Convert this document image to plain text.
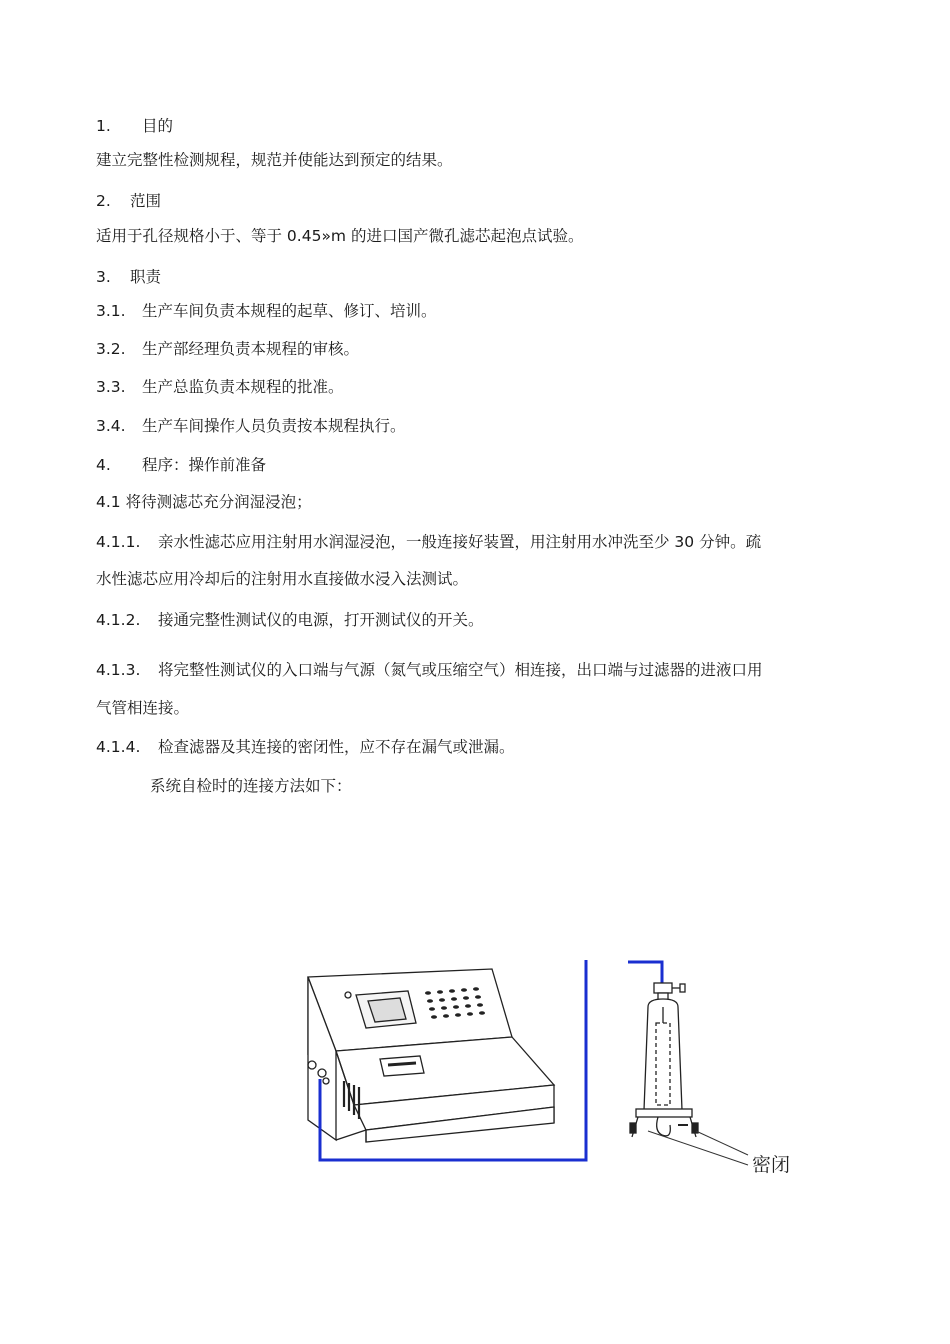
1. 目的
建立完整性检测规程，规范并使能达到预定的结果。
2. 范围
适用于孔径规格小于、等于 0.45»m 的进口国产微孔滤芯起泡点试验。
3. 职责
3.1. 生产车间负责本规程的起草、修订、培训。
3.2. 生产部经理负责本规程的审核。
3.3. 生产总监负责本规程的批准。
3.4. 生产车间操作人员负责按本规程执行。
4. 程序：操作前准备
4.1 将待测滤芯充分润湿浸泡；
4.1.1. 亲水性滤芯应用注射用水润湿浸泡，一般连接好装置，用注射用水冲洗至少 30 分钟。疏
水性滤芯应用冷却后的注射用水直接做水浸入法测试。
4.1.2. 接通完整性测试仪的电源，打开测试仪的开关。
4.1.3. 将完整性测试仪的入口端与气源（氮气或压缩空气）相连接，出口端与过滤器的进液口用
气管相连接。
4.1.4. 检查滤器及其连接的密闭性，应不存在漏气或泄漏。
系统自检时的连接方法如下：
密闭
